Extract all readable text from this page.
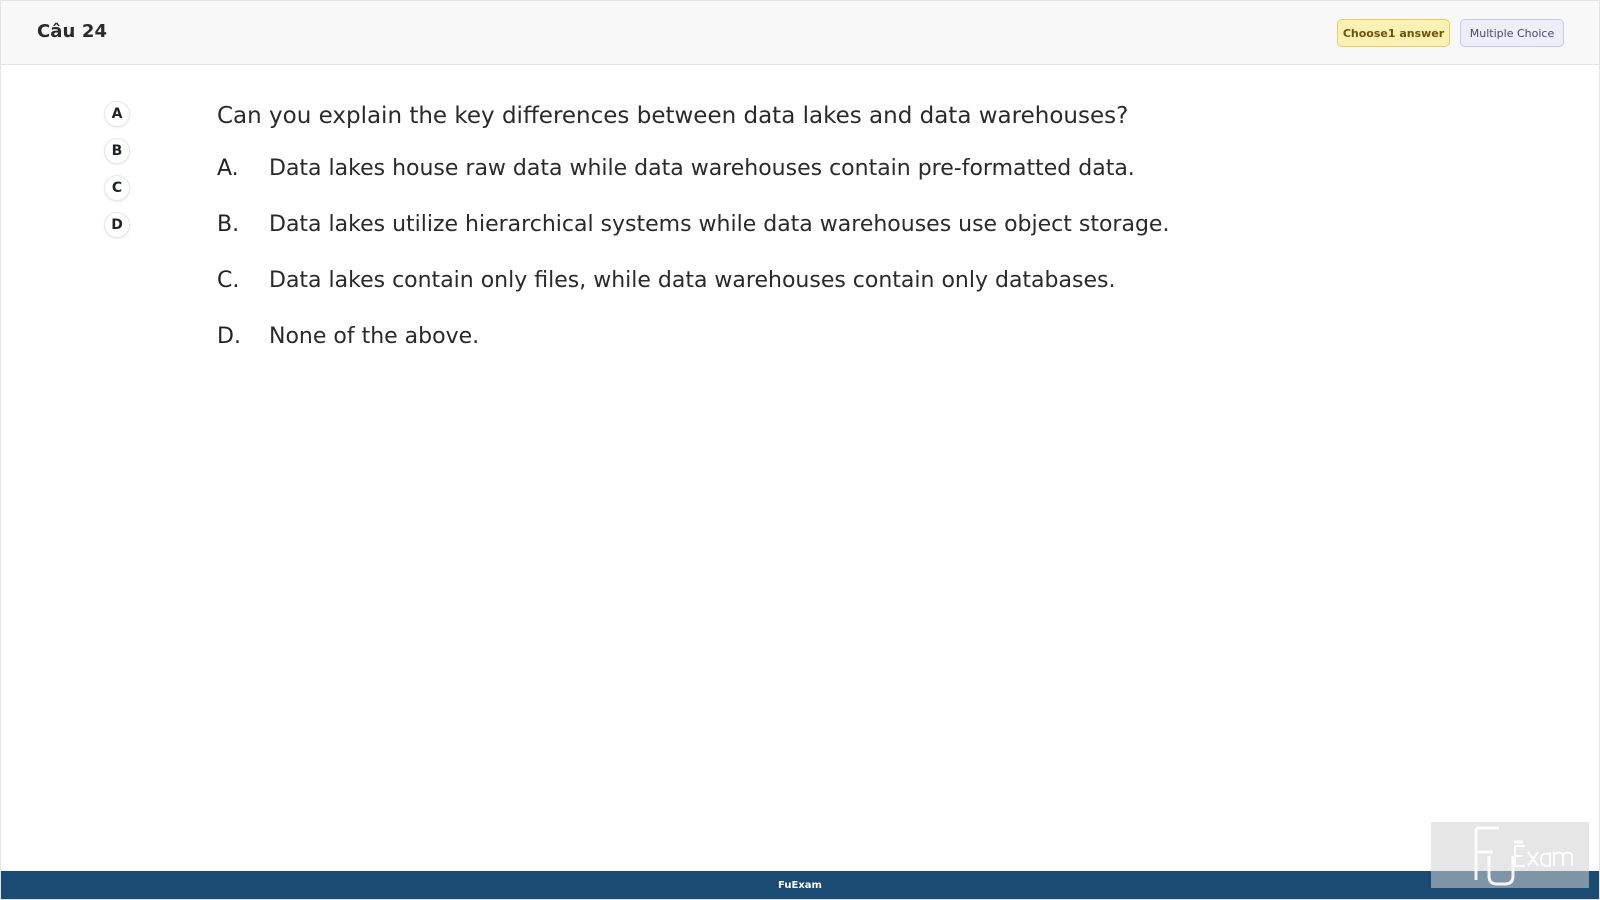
Câu 24	Choose1 answer	Multiple Choice
A
B
C
D
Can you explain the key differences between data lakes and data warehouses?
A.	Data lakes house raw data while data warehouses contain pre-formatted data.
B.	Data lakes utilize hierarchical systems while data warehouses use object storage.
C.	Data lakes contain only files, while data warehouses contain only databases.
D.	None of the above.
FuExam
